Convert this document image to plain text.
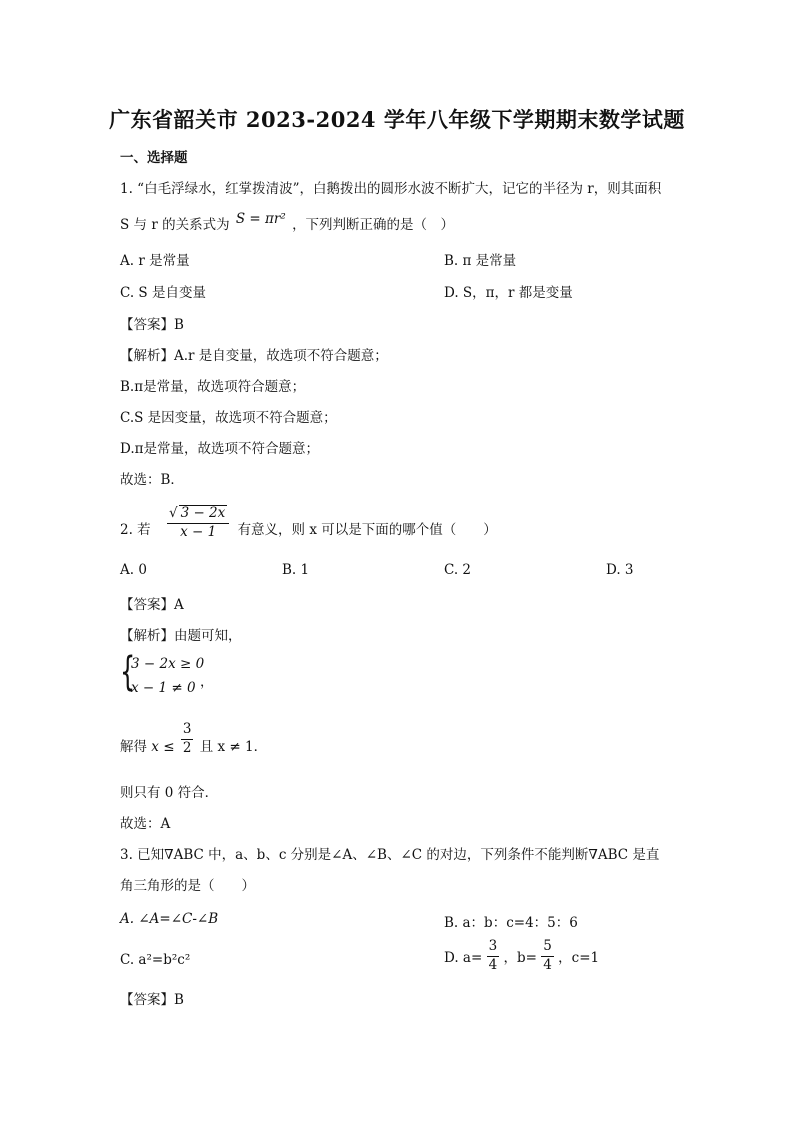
广东省韶关市 2023-2024 学年八年级下学期期末数学试题
一、选择题
1. “白毛浮绿水，红掌拨清波”，白鹅拨出的圆形水波不断扩大，记它的半径为 r，则其面积
S 与 r 的关系式为 S = πr² ，下列判断正确的是（　）
A. r 是常量	B. π 是常量
C. S 是自变量	D. S，π，r 都是变量
【答案】B
【解析】A.r 是自变量，故选项不符合题意；
B.π是常量，故选项符合题意；
C.S 是因变量，故选项不符合题意；
D.π是常量，故选项不符合题意；
故选：B．
2. 若 $\frac{√ 3 - 2x}{x - 1}$ 有意义，则 x 可以是下面的哪个值（　　）
A. 0	B. 1	C. 2	D. 3
【答案】A
【解析】由题可知，
{
3 − 2x ≥ 0
x − 1 ≠ 0 ，
解得 $x \le \frac{3}{2}$ 且 x ≠ 1．
则只有 0 符合．
故选：A
3. 已知∇ABC 中，a、b、c 分别是∠A、∠B、∠C 的对边，下列条件不能判断∇ABC 是直
角三角形的是（　　）
A. ∠A=∠C-∠B	B. a：b：c=4：5：6
C. a²=b²c²	D. $a= \frac{3}{4}$ ，$b= \frac{5}{4}$ ，c=1
【答案】B
